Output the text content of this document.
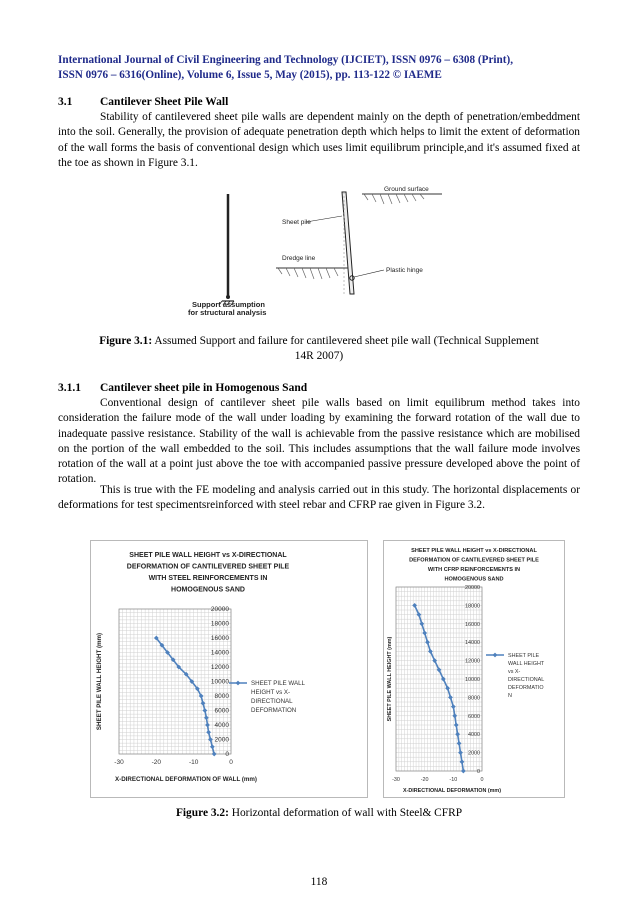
International Journal of Civil Engineering and Technology (IJCIET), ISSN 0976 – 6308 (Print),
ISSN 0976 – 6316(Online), Volume 6, Issue 5, May (2015), pp. 113-122 © IAEME
3.1 Cantilever Sheet Pile Wall
Stability of cantilevered sheet pile walls are dependent mainly on the depth of penetration/embeddment into the soil. Generally, the provision of adequate penetration depth which helps to limit the extent of deformation of the wall forms the basis of conventional design which uses limit equilibrum principle,and it's assumed fixed at the toe as shown in Figure 3.1.
Support assumption
for structural analysis
Ground surface
Sheet pile
Dredge line
Plastic hinge
Figure 3.1: Assumed Support and failure for cantilevered sheet pile wall (Technical Supplement
14R 2007)
3.1.1 Cantilever sheet pile in Homogenous Sand
Conventional design of cantilever sheet pile walls based on limit equilibrum method takes into consideration the failure mode of the wall under loading by examining the forward rotation of the wall due to inadequate passive resistance. Stability of the wall is achievable from the passive resistance which are mobilised on the portion of the wall embedded to the soil. This includes assumptions that the wall failure mode involves rotation of the wall at a point just above the toe with accompanied passive pressure developed above the point of rotation.
This is true with the FE modeling and analysis carried out in this study. The horizontal displacements or deformations for test specimentsreinforced with steel rebar and CFRP rae given in Figure 3.2.
SHEET PILE WALL HEIGHT vs X-DIRECTIONAL
DEFORMATION OF CANTILEVERED SHEET PILE
WITH STEEL REINFORCEMENTS IN
HOMOGENOUS SAND
0
2000
4000
6000
8000
10000
12000
14000
16000
18000
20000
-30	-20	-10	0
X-DIRECTIONAL DEFORMATION OF WALL (mm)
SHEET PILE WALL HEIGHT (mm)	SHEET PILE WALL
HEIGHT vs X-
DIRECTIONAL
DEFORMATION
SHEET PILE WALL HEIGHT vs X-DIRECTIONAL
DEFORMATION OF CANTILEVERED SHEET PILE
WITH CFRP REINFORCEMENTS IN
HOMOGENOUS SAND
0
2000
4000
6000
8000
10000
12000
14000
16000
18000
20000
-30	-20	-10	0
X-DIRECTIONAL DEFORMATION (mm)
SHEET PILE WALL HEIGHT (mm)	SHEET PILE
WALL HEIGHT
vs X-
DIRECTIONAL
DEFORMATIO
N
Figure 3.2: Horizontal deformation of wall with Steel& CFRP
118
